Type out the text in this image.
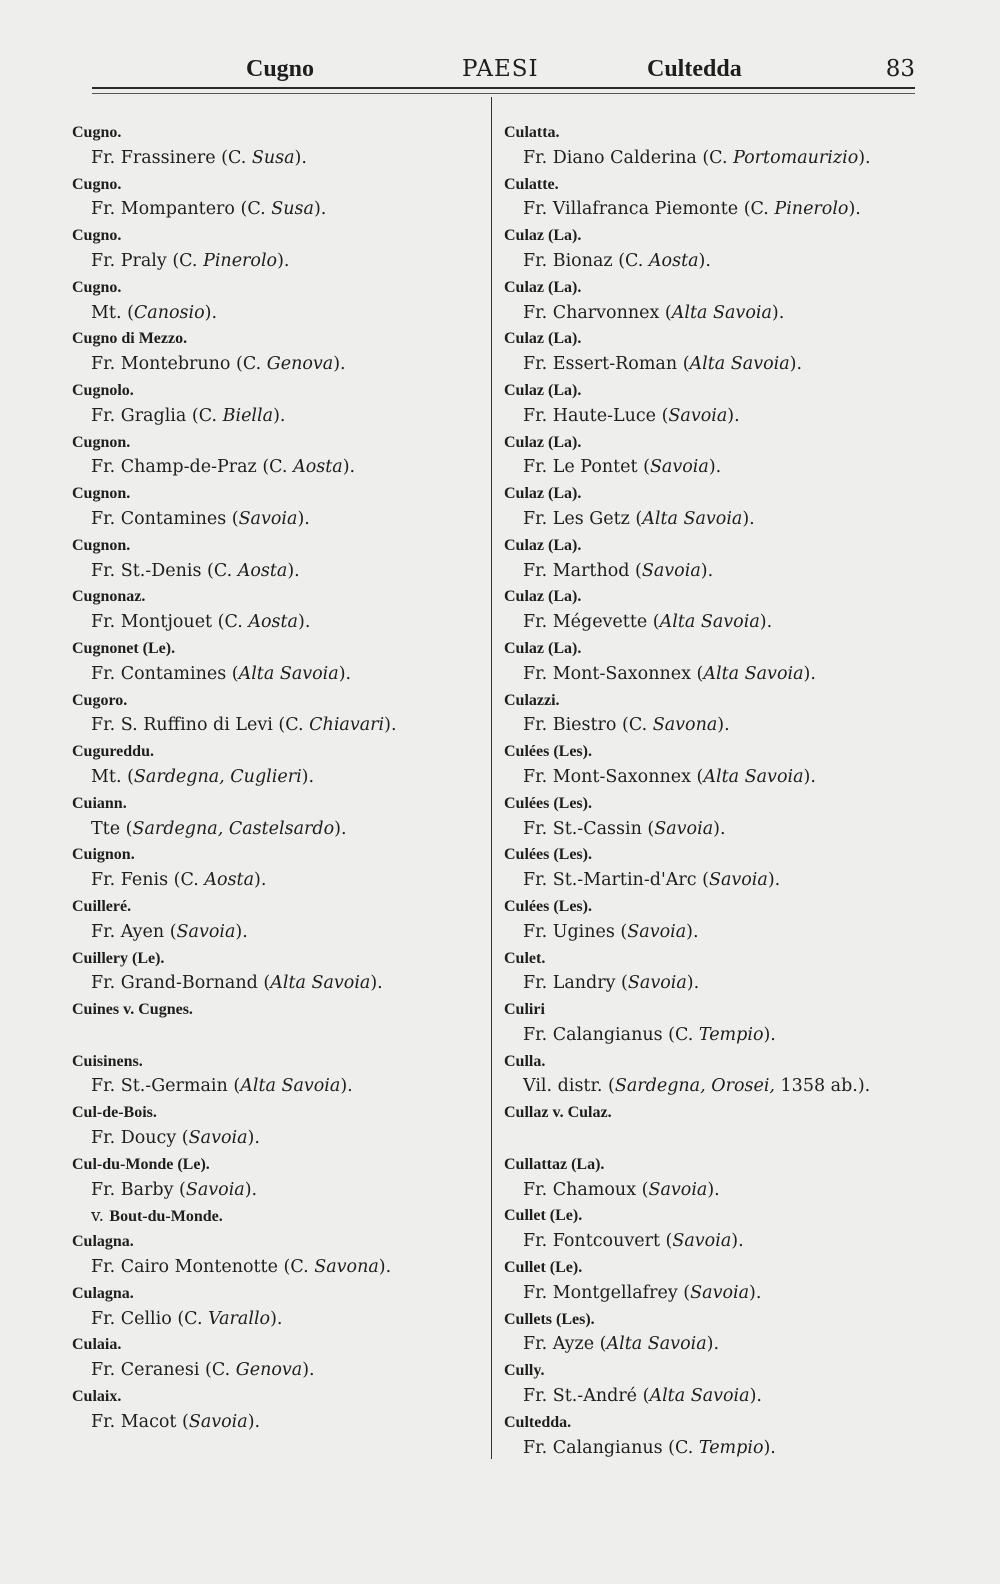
Cugno	PAESI	Cultedda	83
Cugno.
Fr. Frassinere (C. Susa).
Cugno.
Fr. Mompantero (C. Susa).
Cugno.
Fr. Praly (C. Pinerolo).
Cugno.
Mt. (Canosio).
Cugno di Mezzo.
Fr. Montebruno (C. Genova).
Cugnolo.
Fr. Graglia (C. Biella).
Cugnon.
Fr. Champ-de-Praz (C. Aosta).
Cugnon.
Fr. Contamines (Savoia).
Cugnon.
Fr. St.-Denis (C. Aosta).
Cugnonaz.
Fr. Montjouet (C. Aosta).
Cugnonet (Le).
Fr. Contamines (Alta Savoia).
Cugoro.
Fr. S. Ruffino di Levi (C. Chiavari).
Cugureddu.
Mt. (Sardegna, Cuglieri).
Cuiann.
Tte (Sardegna, Castelsardo).
Cuignon.
Fr. Fenis (C. Aosta).
Cuilleré.
Fr. Ayen (Savoia).
Cuillery (Le).
Fr. Grand-Bornand (Alta Savoia).
Cuines v. Cugnes.
Cuisinens.
Fr. St.-Germain (Alta Savoia).
Cul-de-Bois.
Fr. Doucy (Savoia).
Cul-du-Monde (Le).
Fr. Barby (Savoia).
v. Bout-du-Monde.
Culagna.
Fr. Cairo Montenotte (C. Savona).
Culagna.
Fr. Cellio (C. Varallo).
Culaia.
Fr. Ceranesi (C. Genova).
Culaix.
Fr. Macot (Savoia).
Culatta.
Fr. Diano Calderina (C. Portomaurizio).
Culatte.
Fr. Villafranca Piemonte (C. Pinerolo).
Culaz (La).
Fr. Bionaz (C. Aosta).
Culaz (La).
Fr. Charvonnex (Alta Savoia).
Culaz (La).
Fr. Essert-Roman (Alta Savoia).
Culaz (La).
Fr. Haute-Luce (Savoia).
Culaz (La).
Fr. Le Pontet (Savoia).
Culaz (La).
Fr. Les Getz (Alta Savoia).
Culaz (La).
Fr. Marthod (Savoia).
Culaz (La).
Fr. Mégevette (Alta Savoia).
Culaz (La).
Fr. Mont-Saxonnex (Alta Savoia).
Culazzi.
Fr. Biestro (C. Savona).
Culées (Les).
Fr. Mont-Saxonnex (Alta Savoia).
Culées (Les).
Fr. St.-Cassin (Savoia).
Culées (Les).
Fr. St.-Martin-d'Arc (Savoia).
Culées (Les).
Fr. Ugines (Savoia).
Culet.
Fr. Landry (Savoia).
Culiri
Fr. Calangianus (C. Tempio).
Culla.
Vil. distr. (Sardegna, Orosei, 1358 ab.).
Cullaz v. Culaz.
Cullattaz (La).
Fr. Chamoux (Savoia).
Cullet (Le).
Fr. Fontcouvert (Savoia).
Cullet (Le).
Fr. Montgellafrey (Savoia).
Cullets (Les).
Fr. Ayze (Alta Savoia).
Cully.
Fr. St.-André (Alta Savoia).
Cultedda.
Fr. Calangianus (C. Tempio).
